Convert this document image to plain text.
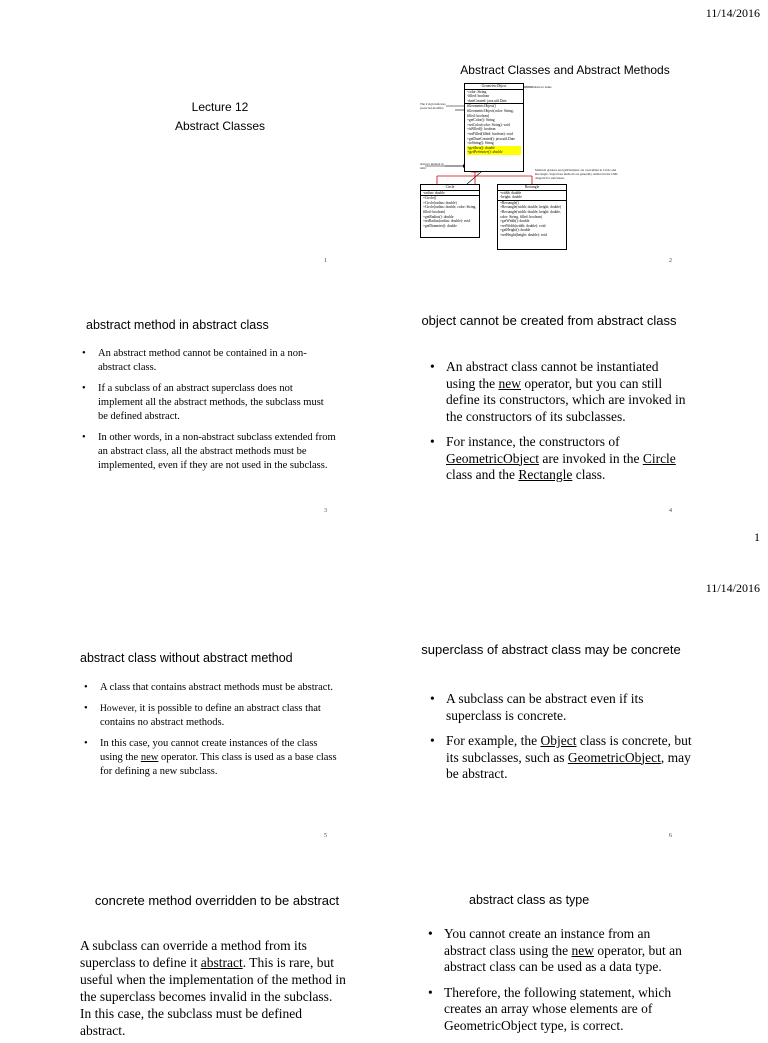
11/14/2016
Lecture 12
Abstract Classes
1
Abstract Classes and Abstract Methods
GeometricObject
-color: String
-filled: boolean
-dateCreated: java.util.Date
#GeometricObject()
#GeometricObject(color: String,
filled: boolean)
+getColor(): String
+setColor(color: String): void
+isFilled(): boolean
+setFilled(filled: boolean): void
+getDateCreated(): java.util.Date
+toString(): String
+getArea(): double
+getPerimeter(): double
Circle
-radius: double
+Circle()
+Circle(radius: double)
+Circle(radius: double, color: String,
filled: boolean)
+getRadius(): double
+setRadius(radius: double): void
+getDiameter(): double
Rectangle
-width: double
-height: double
+Rectangle()
+Rectangle(width: double, height: double)
+Rectangle(width: double, height: double,
color: String, filled: boolean)
+getWidth(): double
+setWidth(width: double): void
+getHeight(): double
+setHeight(height: double): void
abstract name
The # sign indicates protected modifier
abstract method in italic	Methods getArea and getPerimeter are overridden in Circle and Rectangle. Superclass methods are generally omitted in the UML diagram for subclasses.
2
abstract method in abstract class
• An abstract method cannot be contained in a non-abstract class.
• If a subclass of an abstract superclass does not implement all the abstract methods, the subclass must be defined abstract.
• In other words, in a non-abstract subclass extended from an abstract class, all the abstract methods must be implemented, even if they are not used in the subclass.
3
object cannot be created from abstract class
• An abstract class cannot be instantiated using the new operator, but you can still define its constructors, which are invoked in the constructors of its subclasses.
• For instance, the constructors of GeometricObject are invoked in the Circle class and the Rectangle class.
4
1
11/14/2016
abstract class without abstract method
• A class that contains abstract methods must be abstract.
• However, it is possible to define an abstract class that contains no abstract methods.
• In this case, you cannot create instances of the class using the new operator. This class is used as a base class for defining a new subclass.
5
superclass of abstract class may be concrete
• A subclass can be abstract even if its superclass is concrete.
• For example, the Object class is concrete, but its subclasses, such as GeometricObject, may be abstract.
6
concrete method overridden to be abstract
A subclass can override a method from its superclass to define it abstract. This is rare, but useful when the implementation of the method in the superclass becomes invalid in the subclass. In this case, the subclass must be defined abstract.
abstract class as type
• You cannot create an instance from an abstract class using the new operator, but an abstract class can be used as a data type.
• Therefore, the following statement, which creates an array whose elements are of GeometricObject type, is correct.
